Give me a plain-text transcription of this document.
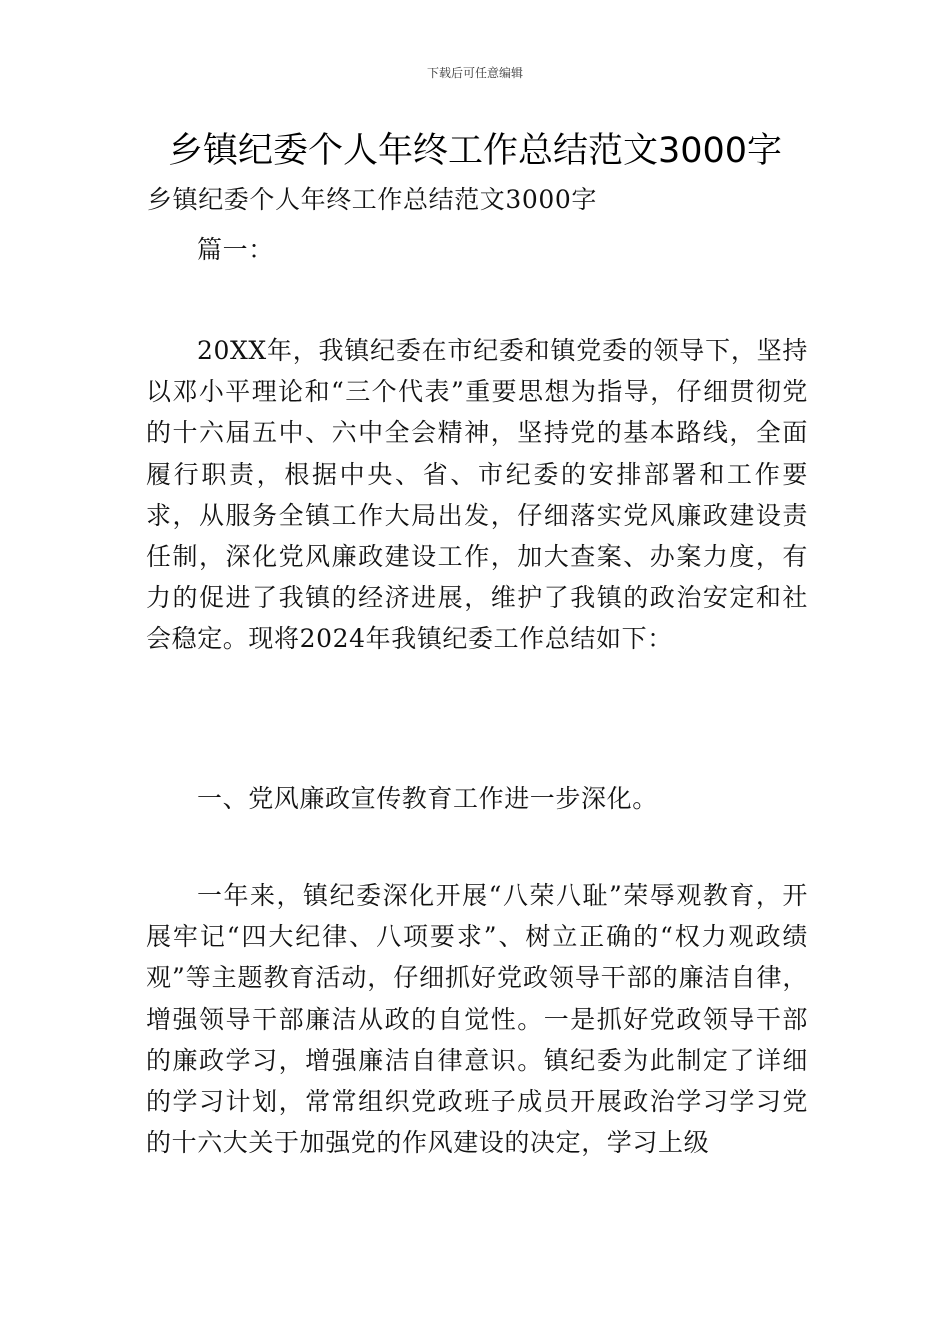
下载后可任意编辑
乡镇纪委个人年终工作总结范文3000字

乡镇纪委个人年终工作总结范文3000字

篇一：

20XX年，我镇纪委在市纪委和镇党委的领导下，坚持以邓小平理论和“三个代表”重要思想为指导，仔细贯彻党的十六届五中、六中全会精神，坚持党的基本路线，全面履行职责，根据中央、省、市纪委的安排部署和工作要求，从服务全镇工作大局出发，仔细落实党风廉政建设责任制，深化党风廉政建设工作，加大查案、办案力度，有力的促进了我镇的经济进展，维护了我镇的政治安定和社会稳定。现将2024年我镇纪委工作总结如下：

一、党风廉政宣传教育工作进一步深化。

一年来，镇纪委深化开展“八荣八耻”荣辱观教育，开展牢记“四大纪律、八项要求”、树立正确的“权力观政绩观”等主题教育活动，仔细抓好党政领导干部的廉洁自律，增强领导干部廉洁从政的自觉性。一是抓好党政领导干部的廉政学习，增强廉洁自律意识。镇纪委为此制定了详细的学习计划，常常组织党政班子成员开展政治学习学习党的十六大关于加强党的作风建设的决定，学习上级
